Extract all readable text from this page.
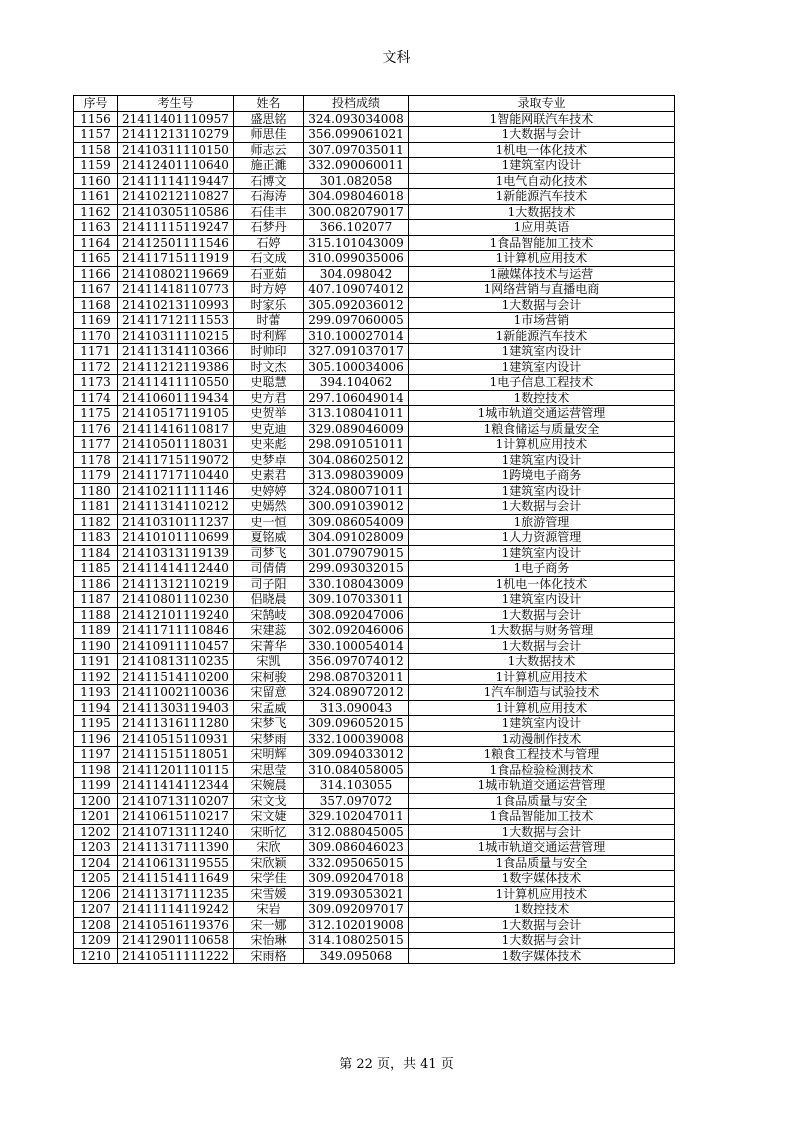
文科
序号	考生号	姓名	投档成绩	录取专业
1156	21411401110957	盛思铭	324.093034008	1智能网联汽车技术
1157	21411213110279	师思佳	356.099061021	1大数据与会计
1158	21410311110150	师志云	307.097035011	1机电一体化技术
1159	21412401110640	施正濉	332.090060011	1建筑室内设计
1160	21411114119447	石博文	301.082058	1电气自动化技术
1161	21410212110827	石海涛	304.098046018	1新能源汽车技术
1162	21410305110586	石佳丰	300.082079017	1大数据技术
1163	21411115119247	石梦丹	366.102077	1应用英语
1164	21412501111546	石婷	315.101043009	1食品智能加工技术
1165	21411715111919	石文成	310.099035006	1计算机应用技术
1166	21410802119669	石亚茹	304.098042	1融媒体技术与运营
1167	21411418110773	时方婷	407.109074012	1网络营销与直播电商
1168	21410213110993	时家乐	305.092036012	1大数据与会计
1169	21411712111553	时蕾	299.097060005	1市场营销
1170	21410311110215	时利辉	310.100027014	1新能源汽车技术
1171	21411314110366	时帅印	327.091037017	1建筑室内设计
1172	21411212119386	时文杰	305.100034006	1建筑室内设计
1173	21411411110550	史聪慧	394.104062	1电子信息工程技术
1174	21410601119434	史方君	297.106049014	1数控技术
1175	21410517119105	史贺举	313.108041011	1城市轨道交通运营管理
1176	21411416110817	史克迪	329.089046009	1粮食储运与质量安全
1177	21410501118031	史来彪	298.091051011	1计算机应用技术
1178	21411715119072	史梦卓	304.086025012	1建筑室内设计
1179	21411717110440	史素君	313.098039009	1跨境电子商务
1180	21410211111146	史婷婷	324.080071011	1建筑室内设计
1181	21411314110212	史嫣然	300.091039012	1大数据与会计
1182	21410310111237	史一恒	309.086054009	1旅游管理
1183	21410101110699	夏铭威	304.091028009	1人力资源管理
1184	21410313119139	司梦飞	301.079079015	1建筑室内设计
1185	21411414112440	司倩倩	299.093032015	1电子商务
1186	21411312110219	司子阳	330.108043009	1机电一体化技术
1187	21410801110230	侣晓晨	309.107033011	1建筑室内设计
1188	21412101119240	宋鹄岐	308.092047006	1大数据与会计
1189	21411711110846	宋建蕊	302.092046006	1大数据与财务管理
1190	21410911110457	宋菁华	330.100054014	1大数据与会计
1191	21410813110235	宋凯	356.097074012	1大数据技术
1192	21411514110200	宋柯骏	298.087032011	1计算机应用技术
1193	21411002110036	宋留意	324.089072012	1汽车制造与试验技术
1194	21411303119403	宋孟威	313.090043	1计算机应用技术
1195	21411316111280	宋梦飞	309.096052015	1建筑室内设计
1196	21410515110931	宋梦雨	332.100039008	1动漫制作技术
1197	21411515118051	宋明辉	309.094033012	1粮食工程技术与管理
1198	21411201110115	宋思莹	310.084058005	1食品检验检测技术
1199	21411414112344	宋婉晨	314.103055	1城市轨道交通运营管理
1200	21410713110207	宋文戈	357.097072	1食品质量与安全
1201	21410615110217	宋文婕	329.102047011	1食品智能加工技术
1202	21410713111240	宋昕忆	312.088045005	1大数据与会计
1203	21411317111390	宋欣	309.086046023	1城市轨道交通运营管理
1204	21410613119555	宋欣颖	332.095065015	1食品质量与安全
1205	21411514111649	宋学佳	309.092047018	1数字媒体技术
1206	21411317111235	宋雪媛	319.093053021	1计算机应用技术
1207	21411114119242	宋岩	309.092097017	1数控技术
1208	21410516119376	宋一娜	312.102019008	1大数据与会计
1209	21412901110658	宋怡琳	314.108025015	1大数据与会计
1210	21410511111222	宋雨格	349.095068	1数字媒体技术
第 22 页，共 41 页
